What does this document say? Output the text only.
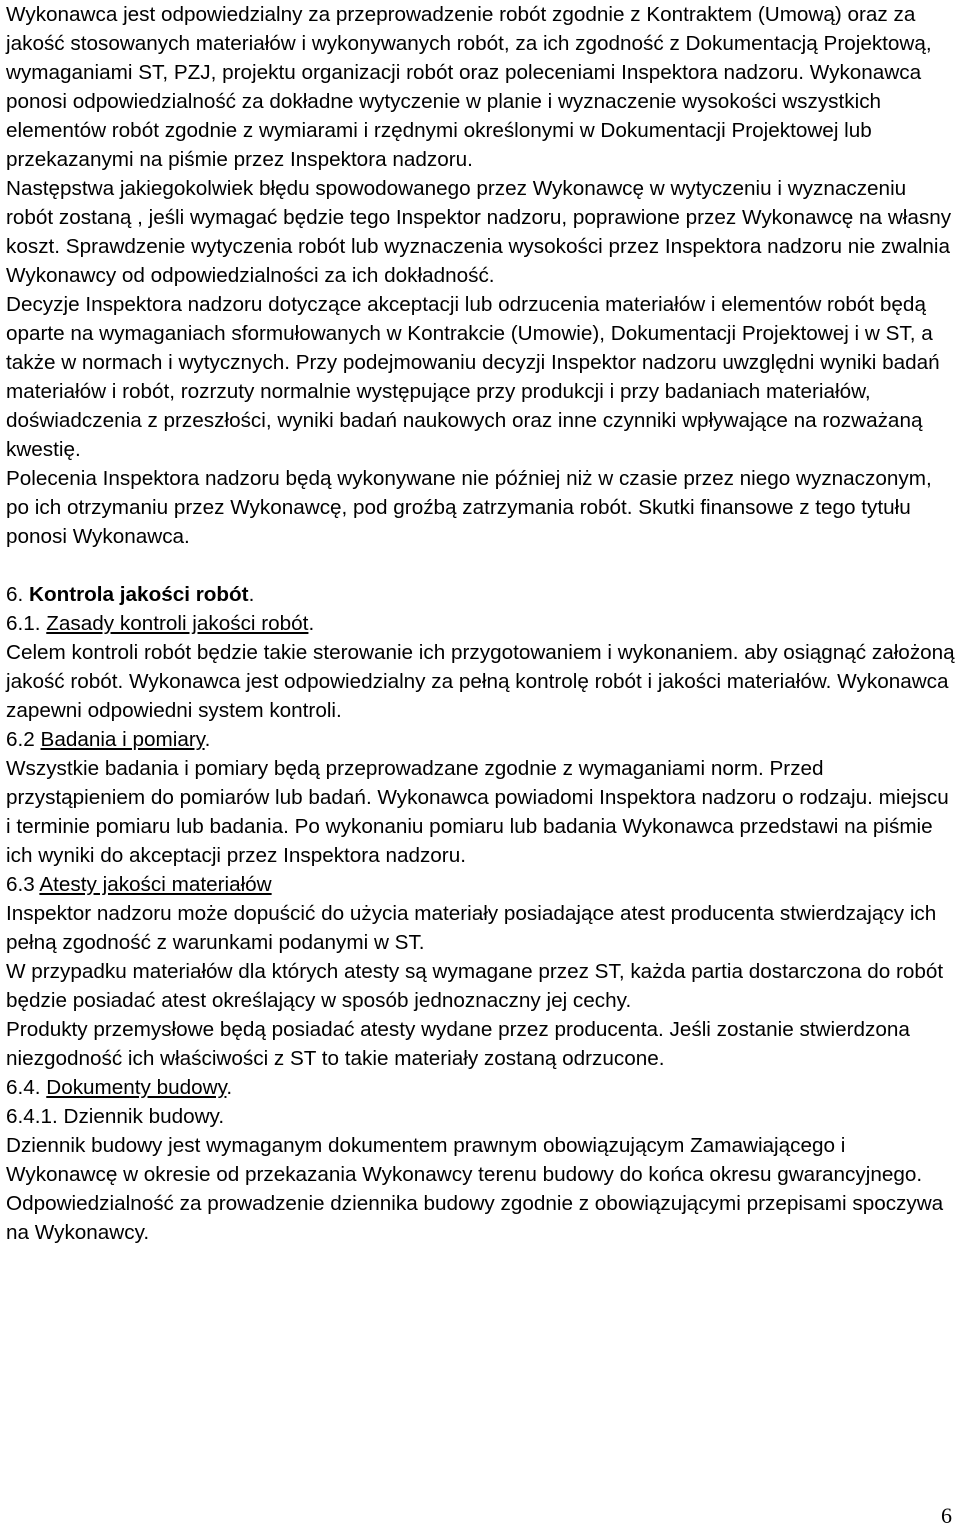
Wykonawca jest odpowiedzialny za przeprowadzenie robót zgodnie z Kontraktem (Umową) oraz za jakość stosowanych materiałów i wykonywanych robót, za ich zgodność z Dokumentacją Projektową, wymaganiami ST, PZJ, projektu organizacji robót oraz poleceniami Inspektora nadzoru. Wykonawca ponosi odpowiedzialność za dokładne wytyczenie w planie i wyznaczenie wysokości wszystkich elementów robót zgodnie z wymiarami i rzędnymi określonymi w Dokumentacji Projektowej lub przekazanymi na piśmie przez Inspektora nadzoru.

Następstwa jakiegokolwiek błędu spowodowanego przez Wykonawcę w wytyczeniu i wyznaczeniu robót zostaną , jeśli wymagać będzie tego Inspektor nadzoru, poprawione przez Wykonawcę na własny koszt. Sprawdzenie wytyczenia robót lub wyznaczenia wysokości przez Inspektora nadzoru nie zwalnia Wykonawcy od odpowiedzialności za ich dokładność.

Decyzje Inspektora nadzoru dotyczące akceptacji lub odrzucenia materiałów i elementów robót będą oparte na wymaganiach sformułowanych w Kontrakcie (Umowie), Dokumentacji Projektowej i w ST, a także w normach i wytycznych. Przy podejmowaniu decyzji Inspektor nadzoru uwzględni wyniki badań materiałów i robót, rozrzuty normalnie występujące przy produkcji i przy badaniach materiałów, doświadczenia z przeszłości, wyniki badań naukowych oraz inne czynniki wpływające na rozważaną kwestię.

Polecenia Inspektora nadzoru będą wykonywane nie później niż w czasie przez niego wyznaczonym, po ich otrzymaniu przez Wykonawcę, pod groźbą zatrzymania robót. Skutki finansowe z tego tytułu ponosi Wykonawca.

6. Kontrola jakości robót.

6.1. Zasady kontroli jakości robót.

Celem kontroli robót będzie takie sterowanie ich przygotowaniem i wykonaniem. aby osiągnąć założoną jakość robót. Wykonawca jest odpowiedzialny za pełną kontrolę robót i jakości materiałów. Wykonawca zapewni odpowiedni system kontroli.

6.2 Badania i pomiary.

Wszystkie badania i pomiary będą przeprowadzane zgodnie z wymaganiami norm. Przed przystąpieniem do pomiarów lub badań. Wykonawca powiadomi Inspektora nadzoru o rodzaju. miejscu i terminie pomiaru lub badania. Po wykonaniu pomiaru lub badania Wykonawca przedstawi na piśmie ich wyniki do akceptacji przez Inspektora nadzoru.

6.3 Atesty jakości materiałów

Inspektor nadzoru może dopuścić do użycia materiały posiadające atest producenta stwierdzający ich pełną zgodność z warunkami podanymi w ST.

W przypadku materiałów dla których atesty są wymagane przez ST, każda partia dostarczona do robót będzie posiadać atest określający w sposób jednoznaczny jej cechy.

Produkty przemysłowe będą posiadać atesty wydane przez producenta. Jeśli zostanie stwierdzona niezgodność ich właściwości z ST to takie materiały zostaną odrzucone.

6.4. Dokumenty budowy.

6.4.1. Dziennik budowy.

Dziennik budowy jest wymaganym dokumentem prawnym obowiązującym Zamawiającego i Wykonawcę w okresie od przekazania Wykonawcy terenu budowy do końca okresu gwarancyjnego. Odpowiedzialność za prowadzenie dziennika budowy zgodnie z obowiązującymi przepisami spoczywa na Wykonawcy.

6
